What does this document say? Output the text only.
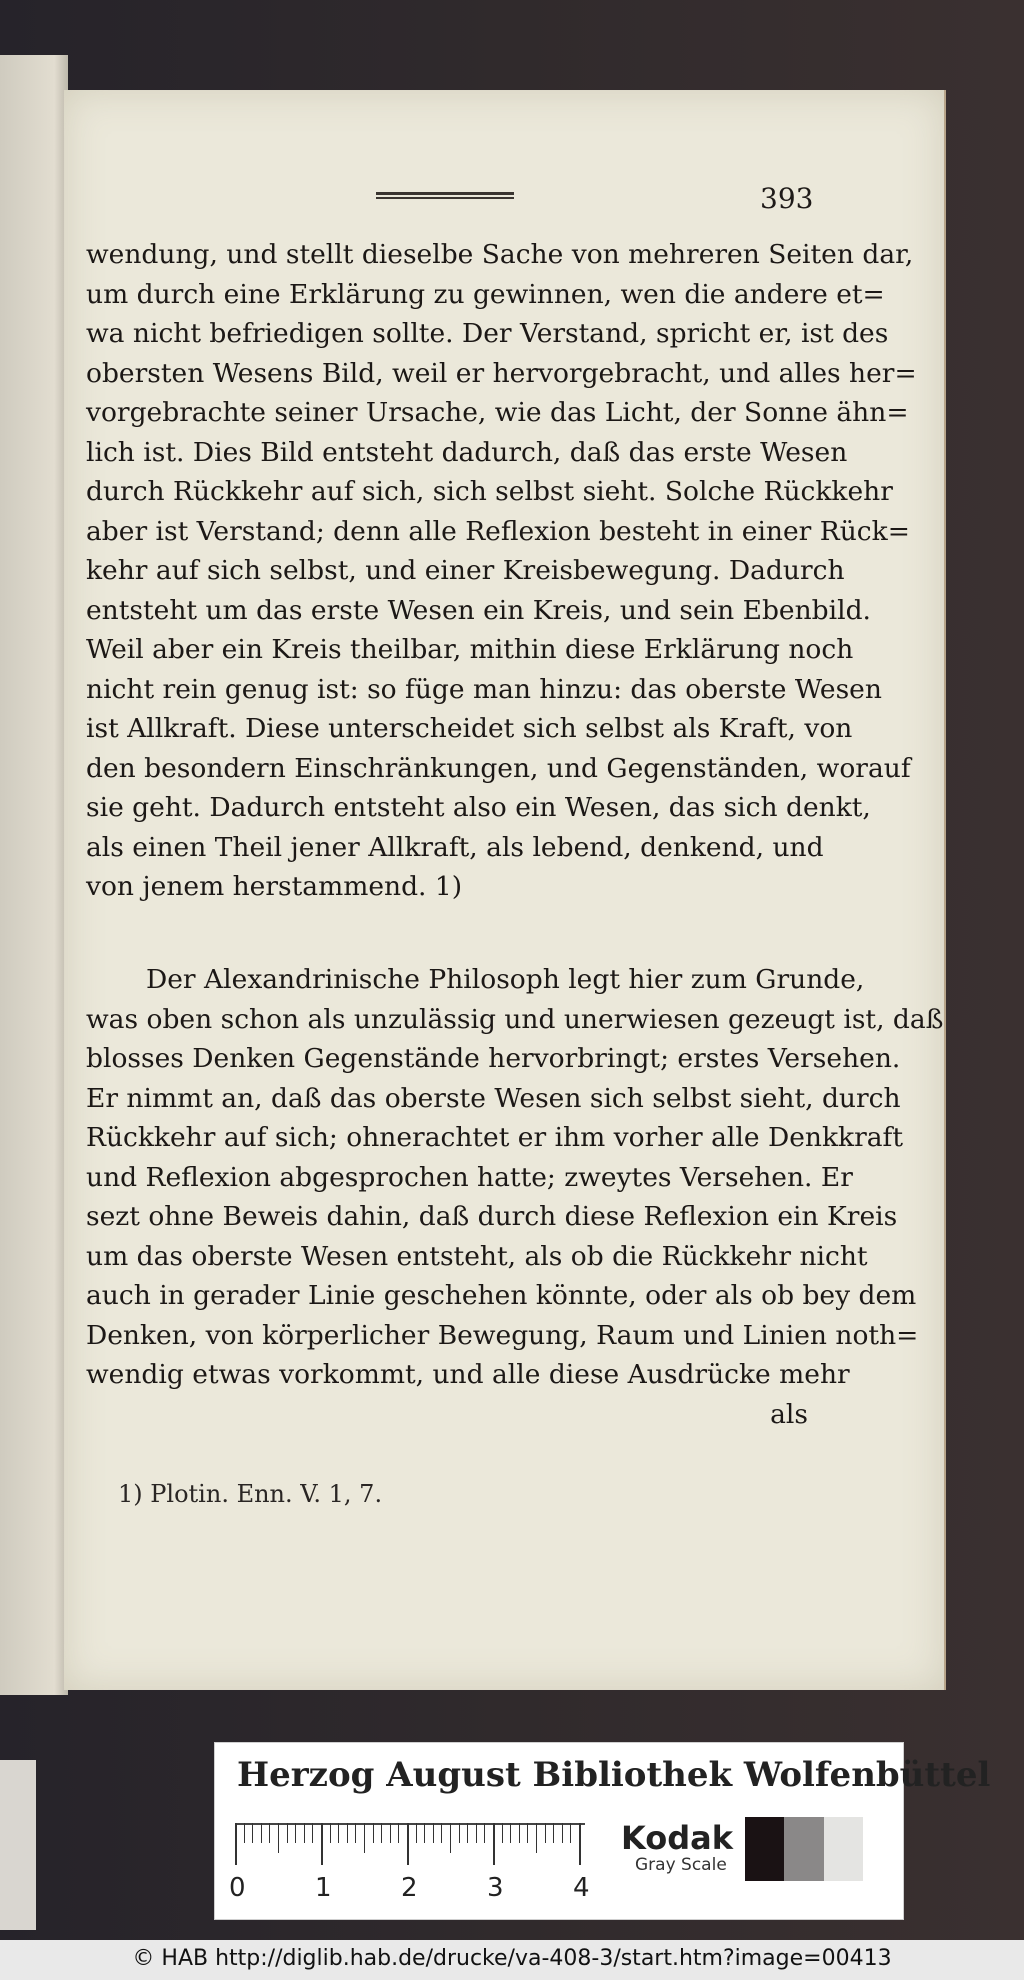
393
wendung, und stellt dieselbe Sache von mehreren Seiten dar,
um durch eine Erklärung zu gewinnen, wen die andere et=
wa nicht befriedigen sollte. Der Verstand, spricht er, ist des
obersten Wesens Bild, weil er hervorgebracht, und alles her=
vorgebrachte seiner Ursache, wie das Licht, der Sonne ähn=
lich ist. Dies Bild entsteht dadurch, daß das erste Wesen
durch Rückkehr auf sich, sich selbst sieht. Solche Rückkehr
aber ist Verstand; denn alle Reflexion besteht in einer Rück=
kehr auf sich selbst, und einer Kreisbewegung. Dadurch
entsteht um das erste Wesen ein Kreis, und sein Ebenbild.
Weil aber ein Kreis theilbar, mithin diese Erklärung noch
nicht rein genug ist: so füge man hinzu: das oberste Wesen
ist Allkraft. Diese unterscheidet sich selbst als Kraft, von
den besondern Einschränkungen, und Gegenständen, worauf
sie geht. Dadurch entsteht also ein Wesen, das sich denkt,
als einen Theil jener Allkraft, als lebend, denkend, und
von jenem herstammend. 1)
Der Alexandrinische Philosoph legt hier zum Grunde,
was oben schon als unzulässig und unerwiesen gezeugt ist, daß
blosses Denken Gegenstände hervorbringt; erstes Versehen.
Er nimmt an, daß das oberste Wesen sich selbst sieht, durch
Rückkehr auf sich; ohnerachtet er ihm vorher alle Denkkraft
und Reflexion abgesprochen hatte; zweytes Versehen. Er
sezt ohne Beweis dahin, daß durch diese Reflexion ein Kreis
um das oberste Wesen entsteht, als ob die Rückkehr nicht
auch in gerader Linie geschehen könnte, oder als ob bey dem
Denken, von körperlicher Bewegung, Raum und Linien noth=
wendig etwas vorkommt, und alle diese Ausdrücke mehr
als
1) Plotin. Enn. V. 1, 7.
Herzog August Bibliothek Wolfenbüttel
0	1	2	3	4
Kodak
Gray Scale
© HAB http://diglib.hab.de/drucke/va-408-3/start.htm?image=00413
